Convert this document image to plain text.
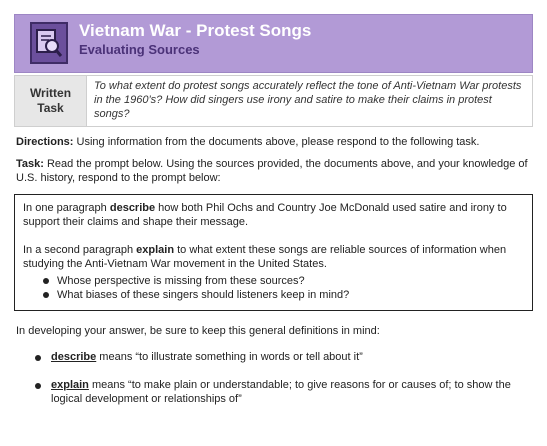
Vietnam War - Protest Songs
Evaluating Sources
Written
Task
To what extent do protest songs accurately reflect the tone of Anti-Vietnam War protests in the 1960’s? How did singers use irony and satire to make their claims in protest songs?
Directions: Using information from the documents above, please respond to the following task.
Task: Read the prompt below. Using the sources provided, the documents above, and your knowledge of U.S. history, respond to the prompt below:
In one paragraph describe how both Phil Ochs and Country Joe McDonald used satire and irony to support their claims and shape their message.
In a second paragraph explain to what extent these songs are reliable sources of information when studying the Anti-Vietnam War movement in the United States.
Whose perspective is missing from these sources?
What biases of these singers should listeners keep in mind?
In developing your answer, be sure to keep this general definitions in mind:
describe means “to illustrate something in words or tell about it”
explain means “to make plain or understandable; to give reasons for or causes of; to show the logical development or relationships of”
